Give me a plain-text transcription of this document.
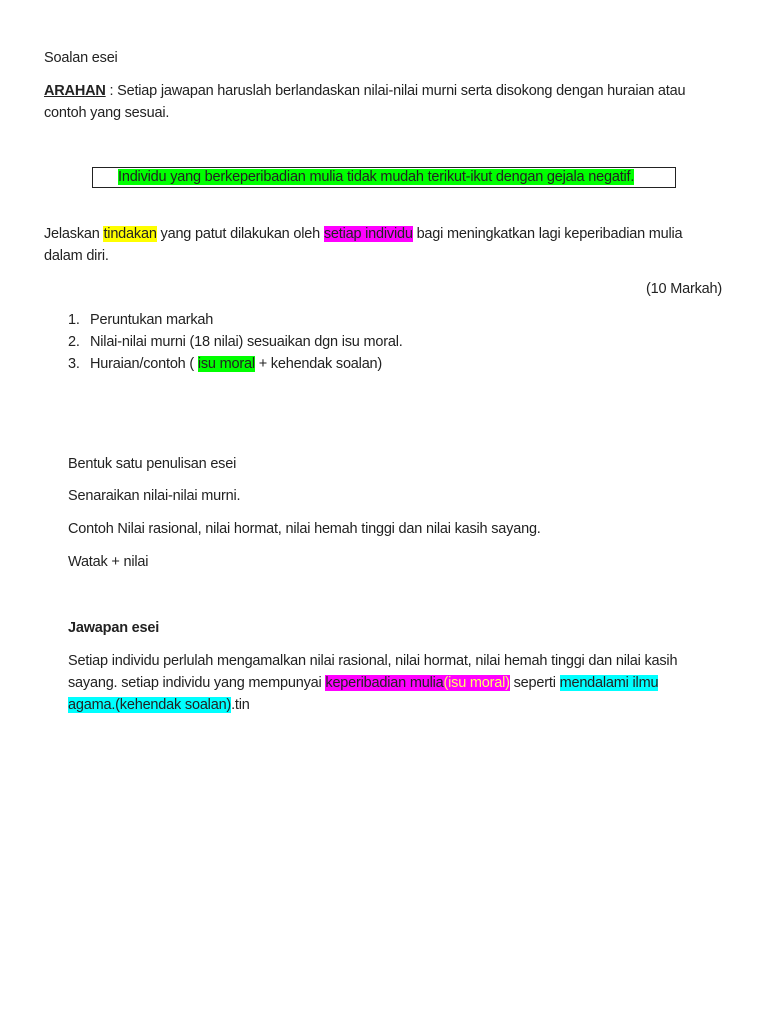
Soalan esei
ARAHAN : Setiap jawapan haruslah berlandaskan nilai-nilai murni serta disokong dengan huraian atau
contoh yang sesuai.
Individu yang berkeperibadian mulia tidak mudah terikut-ikut dengan gejala negatif.
Jelaskan tindakan yang patut dilakukan oleh setiap individu bagi meningkatkan lagi keperibadian mulia
dalam diri.
(10 Markah)
1. Peruntukan markah
2. Nilai-nilai murni (18 nilai) sesuaikan dgn isu moral.
3. Huraian/contoh ( isu moral + kehendak soalan)
Bentuk satu penulisan esei
Senaraikan nilai-nilai murni.
Contoh Nilai rasional, nilai hormat, nilai hemah tinggi dan nilai kasih sayang.
Watak + nilai
Jawapan esei
Setiap individu perlulah mengamalkan nilai rasional, nilai hormat, nilai hemah tinggi dan nilai kasih
sayang. setiap individu yang mempunyai keperibadian mulia(isu moral) seperti mendalami ilmu
agama.(kehendak soalan).tin
